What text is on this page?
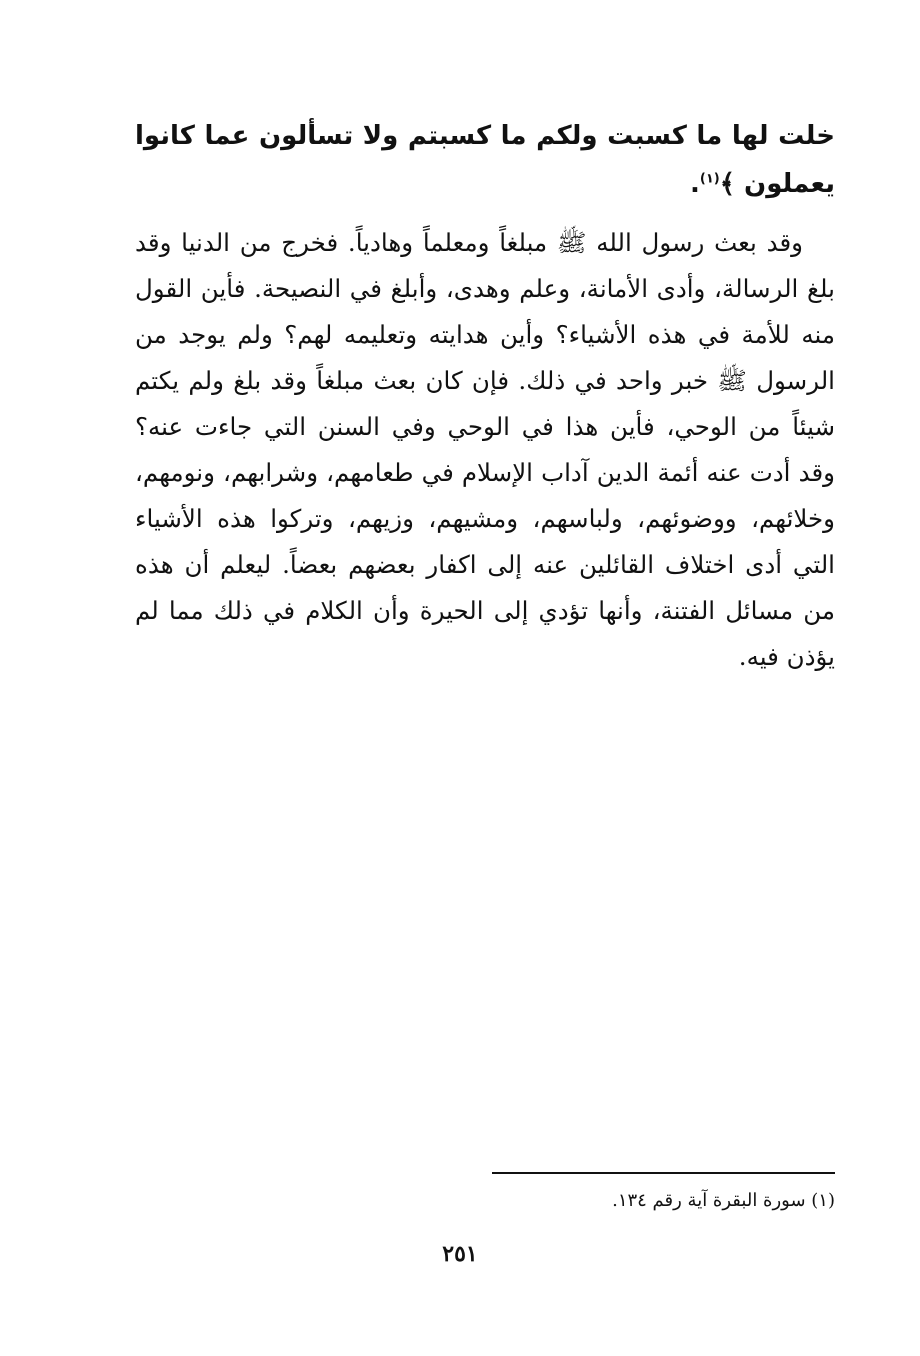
خلت لها ما كسبت ولكم ما كسبتم ولا تسألون عما كانوا يعملون ﴾$^{(١)}$.

وقد بعث رسول الله ﷺ مبلغاً ومعلماً وهادياً. فخرج من الدنيا وقد بلغ الرسالة، وأدى الأمانة، وعلم وهدى، وأبلغ في النصيحة. فأين القول منه للأمة في هذه الأشياء؟ وأين هدايته وتعليمه لهم؟ ولم يوجد من الرسول ﷺ خبر واحد في ذلك. فإن كان بعث مبلغاً وقد بلغ ولم يكتم شيئاً من الوحي، فأين هذا في الوحي وفي السنن التي جاءت عنه؟ وقد أدت عنه أئمة الدين آداب الإسلام في طعامهم، وشرابهم، ونومهم، وخلائهم، ووضوئهم، ولباسهم، ومشيهم، وزيهم، وتركوا هذه الأشياء التي أدى اختلاف القائلين عنه إلى اكفار بعضهم بعضاً. ليعلم أن هذه من مسائل الفتنة، وأنها تؤدي إلى الحيرة وأن الكلام في ذلك مما لم يؤذن فيه.

(١) سورة البقرة آية رقم ١٣٤.
٢٥١
